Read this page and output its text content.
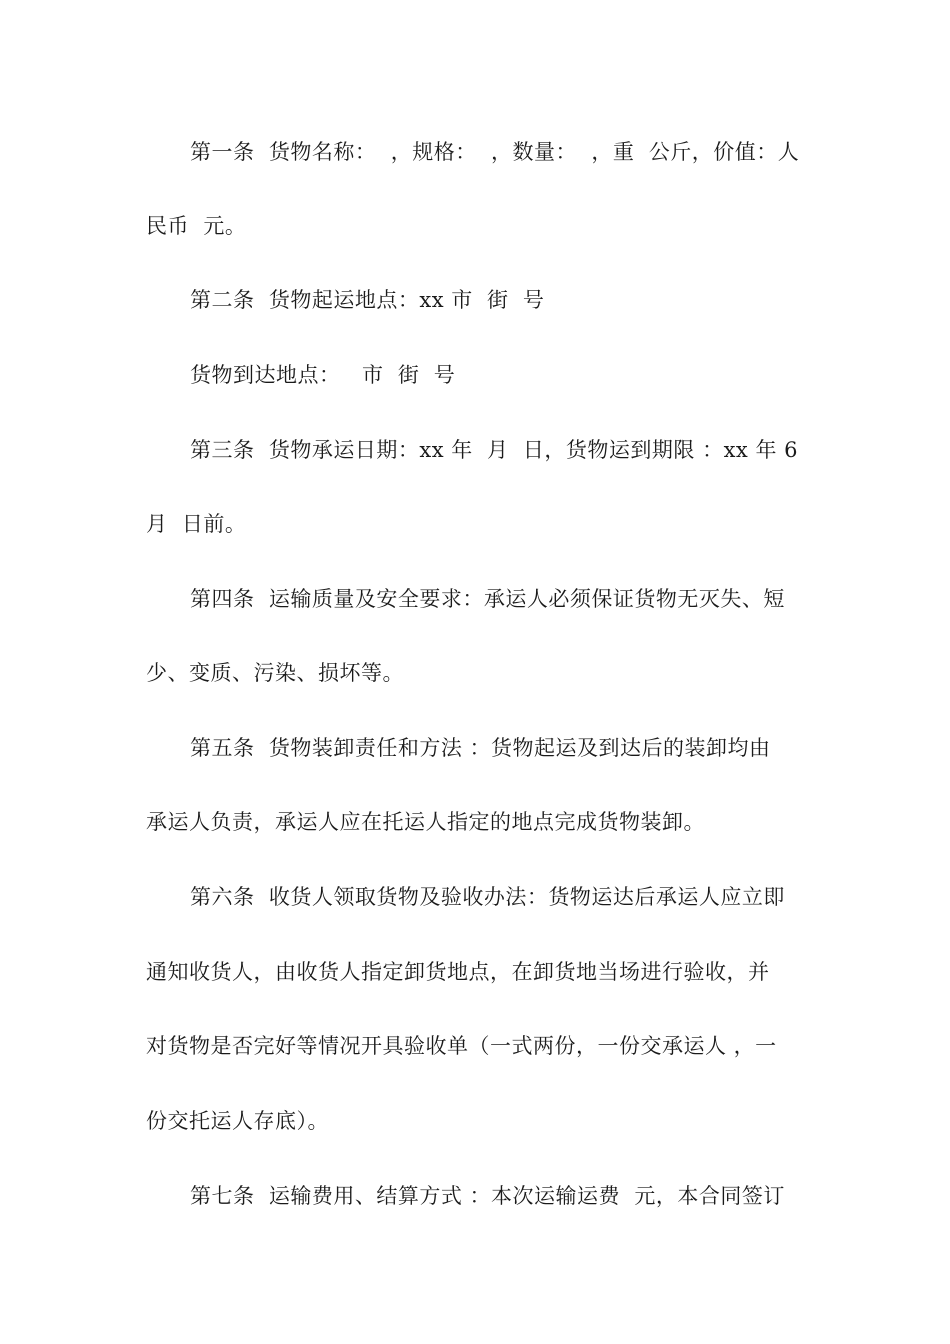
第一条  货物名称：  ，规格：  ，数量：  ，重  公斤，价值：人
民币  元。
第二条  货物起运地点：xx 市  街  号
货物到达地点：   市  街  号
第三条  货物承运日期：xx 年  月  日，货物运到期限 ：xx 年 6
月  日前。
第四条  运输质量及安全要求：承运人必须保证货物无灭失、短
少、变质、污染、损坏等。
第五条  货物装卸责任和方法 ：货物起运及到达后的装卸均由
承运人负责，承运人应在托运人指定的地点完成货物装卸。
第六条  收货人领取货物及验收办法：货物运达后承运人应立即
通知收货人，由收货人指定卸货地点，在卸货地当场进行验收，并
对货物是否完好等情况开具验收单（一式两份，一份交承运人 ，一
份交托运人存底）。
第七条  运输费用、结算方式 ：本次运输运费  元，本合同签订
